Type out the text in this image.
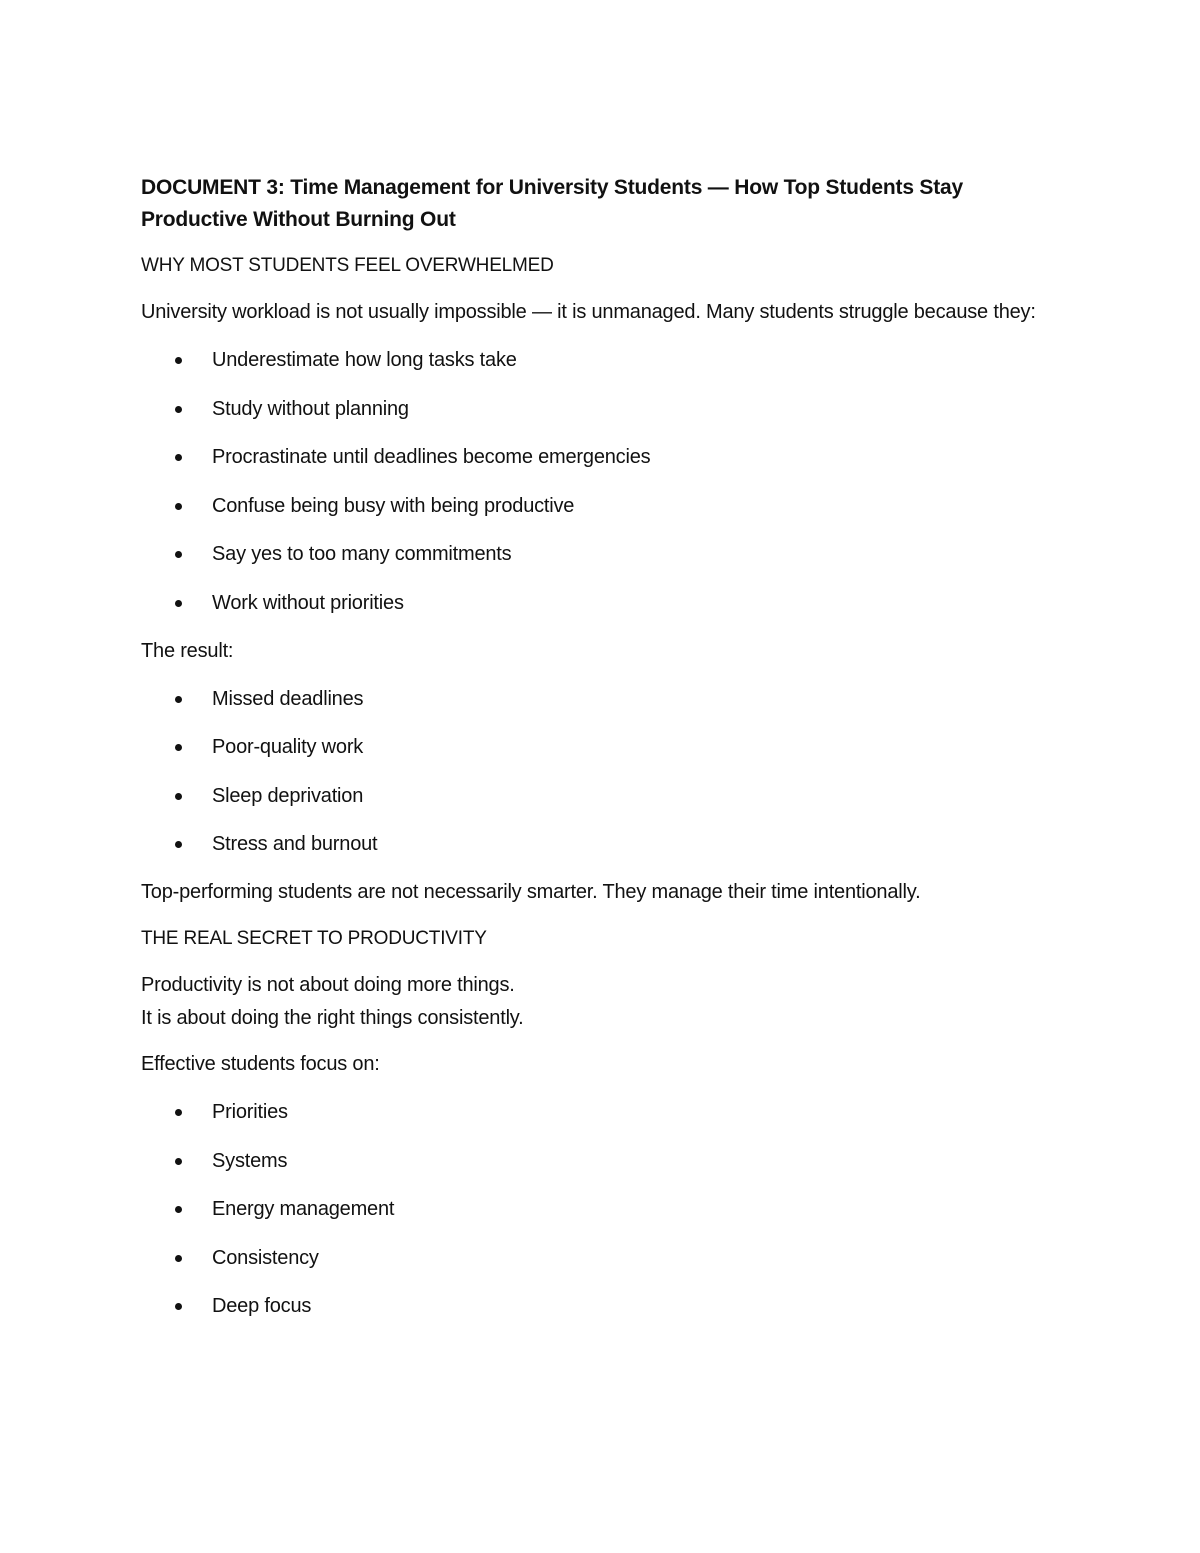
DOCUMENT 3: Time Management for University Students — How Top Students Stay Productive Without Burning Out
WHY MOST STUDENTS FEEL OVERWHELMED
University workload is not usually impossible — it is unmanaged. Many students struggle because they:
Underestimate how long tasks take
Study without planning
Procrastinate until deadlines become emergencies
Confuse being busy with being productive
Say yes to too many commitments
Work without priorities
The result:
Missed deadlines
Poor-quality work
Sleep deprivation
Stress and burnout
Top-performing students are not necessarily smarter. They manage their time intentionally.
THE REAL SECRET TO PRODUCTIVITY
Productivity is not about doing more things.
It is about doing the right things consistently.
Effective students focus on:
Priorities
Systems
Energy management
Consistency
Deep focus
